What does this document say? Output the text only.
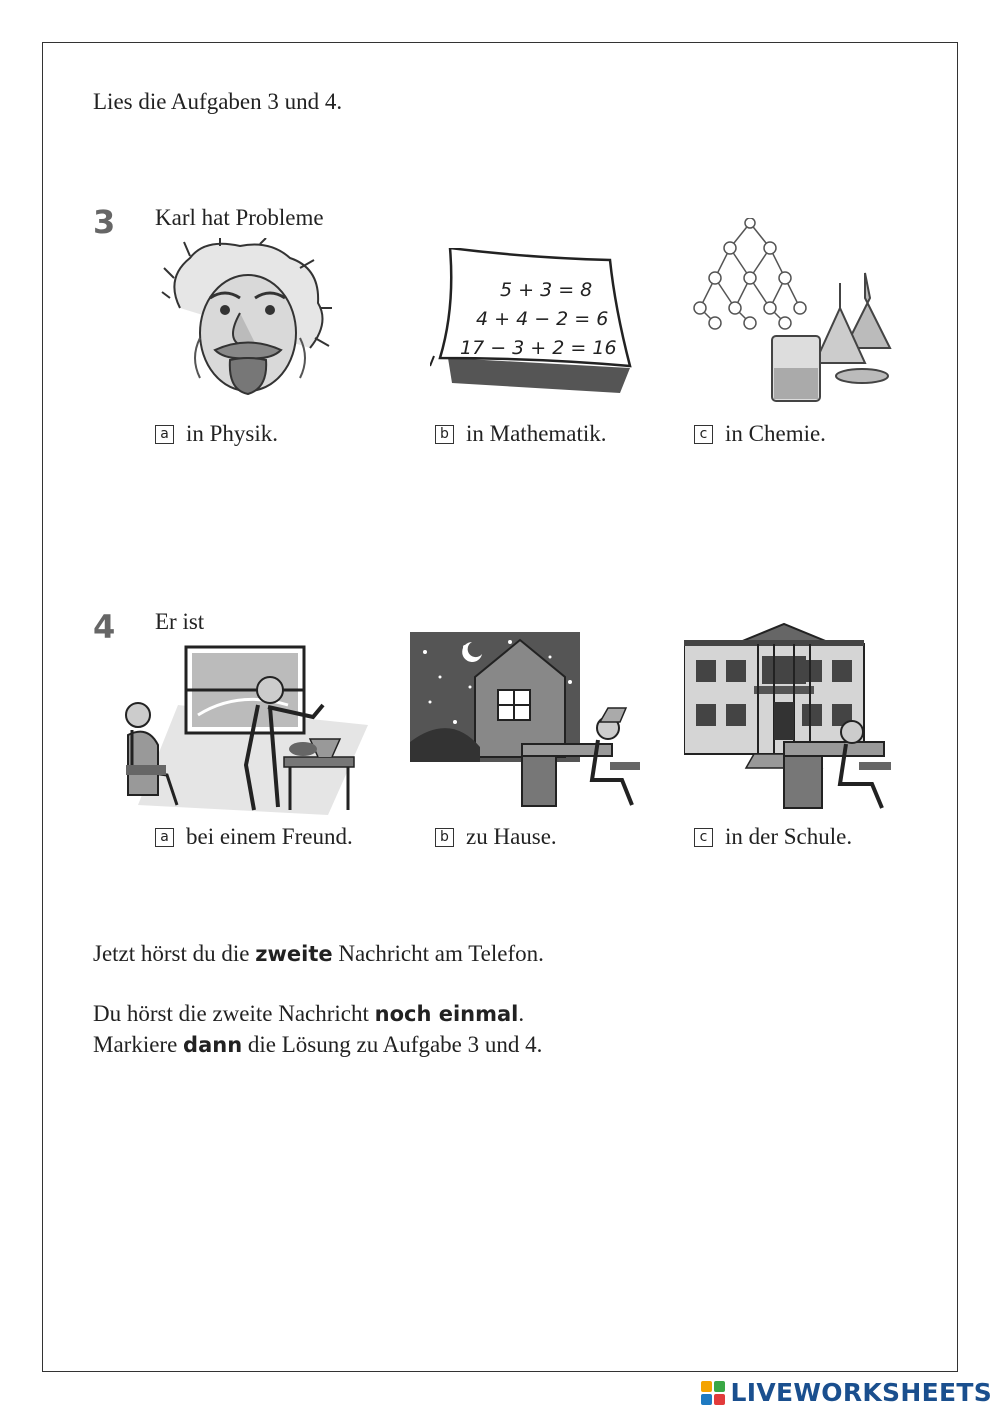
Lies die Aufgaben 3 und 4.
3 Karl hat Probleme
5 + 3 = 8
4 + 4 − 2 = 6
17 − 3 + 2 = 16
a in Physik.	b in Mathematik.	c in Chemie.
4 Er ist
a bei einem Freund.	b zu Hause.	c in der Schule.
Jetzt hörst du die zweite Nachricht am Telefon.
Du hörst die zweite Nachricht noch einmal.
Markiere dann die Lösung zu Aufgabe 3 und 4.
LIVEWORKSHEETS
